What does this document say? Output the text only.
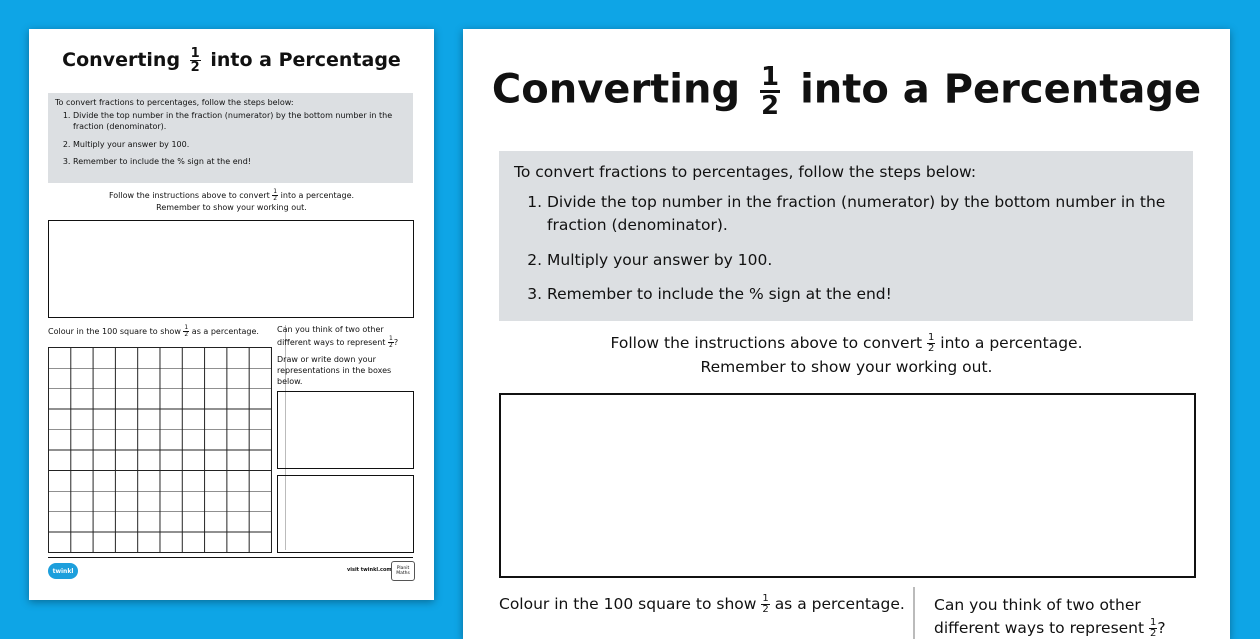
Converting $\frac{1}{2}$ into a Percentage
To convert fractions to percentages, follow the steps below:
1. Divide the top number in the fraction (numerator) by the bottom number in the fraction (denominator).
2. Multiply your answer by 100.
3. Remember to include the % sign at the end!
Follow the instructions above to convert $\frac{1}{2}$ into a percentage.
Remember to show your working out.
Colour in the 100 square to show $\frac{1}{2}$ as a percentage. Can you think of two other different ways to represent $\frac{1}{2}$ ?
Draw or write down your representations in the boxes below.
twinkl	visit twinkl.com	Planit Maths
Converting $\frac{1}{2}$ into a Percentage
To convert fractions to percentages, follow the steps below:
1. Divide the top number in the fraction (numerator) by the bottom number in the fraction (denominator).
2. Multiply your answer by 100.
3. Remember to include the % sign at the end!
Follow the instructions above to convert $\frac{1}{2}$ into a percentage.
Remember to show your working out.
Colour in the 100 square to show $\frac{1}{2}$ as a percentage. Can you think of two other different ways to represent $\frac{1}{2}$ ?
